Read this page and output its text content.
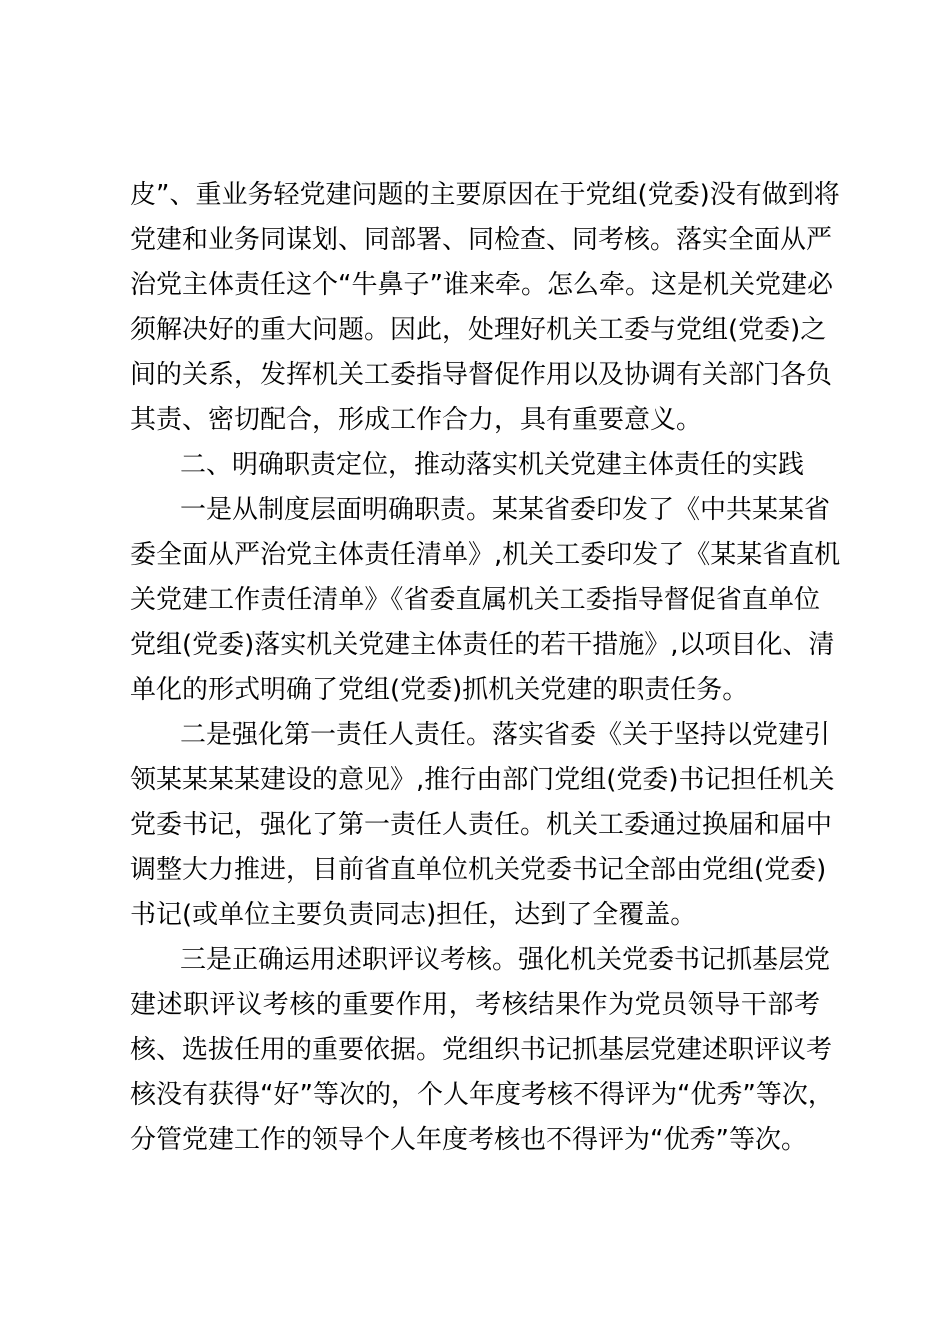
皮”、重业务轻党建问题的主要原因在于党组(党委)没有做到将
党建和业务同谋划、同部署、同检查、同考核。落实全面从严
治党主体责任这个“牛鼻子”谁来牵。怎么牵。这是机关党建必
须解决好的重大问题。因此，处理好机关工委与党组(党委)之
间的关系，发挥机关工委指导督促作用以及协调有关部门各负
其责、密切配合，形成工作合力，具有重要意义。
二、明确职责定位，推动落实机关党建主体责任的实践
一是从制度层面明确职责。某某省委印发了《中共某某省
委全面从严治党主体责任清单》,机关工委印发了《某某省直机
关党建工作责任清单》《省委直属机关工委指导督促省直单位
党组(党委)落实机关党建主体责任的若干措施》,以项目化、清
单化的形式明确了党组(党委)抓机关党建的职责任务。
二是强化第一责任人责任。落实省委《关于坚持以党建引
领某某某某建设的意见》,推行由部门党组(党委)书记担任机关
党委书记，强化了第一责任人责任。机关工委通过换届和届中
调整大力推进，目前省直单位机关党委书记全部由党组(党委)
书记(或单位主要负责同志)担任，达到了全覆盖。
三是正确运用述职评议考核。强化机关党委书记抓基层党
建述职评议考核的重要作用，考核结果作为党员领导干部考
核、选拔任用的重要依据。党组织书记抓基层党建述职评议考
核没有获得“好”等次的，个人年度考核不得评为“优秀”等次，
分管党建工作的领导个人年度考核也不得评为“优秀”等次。
